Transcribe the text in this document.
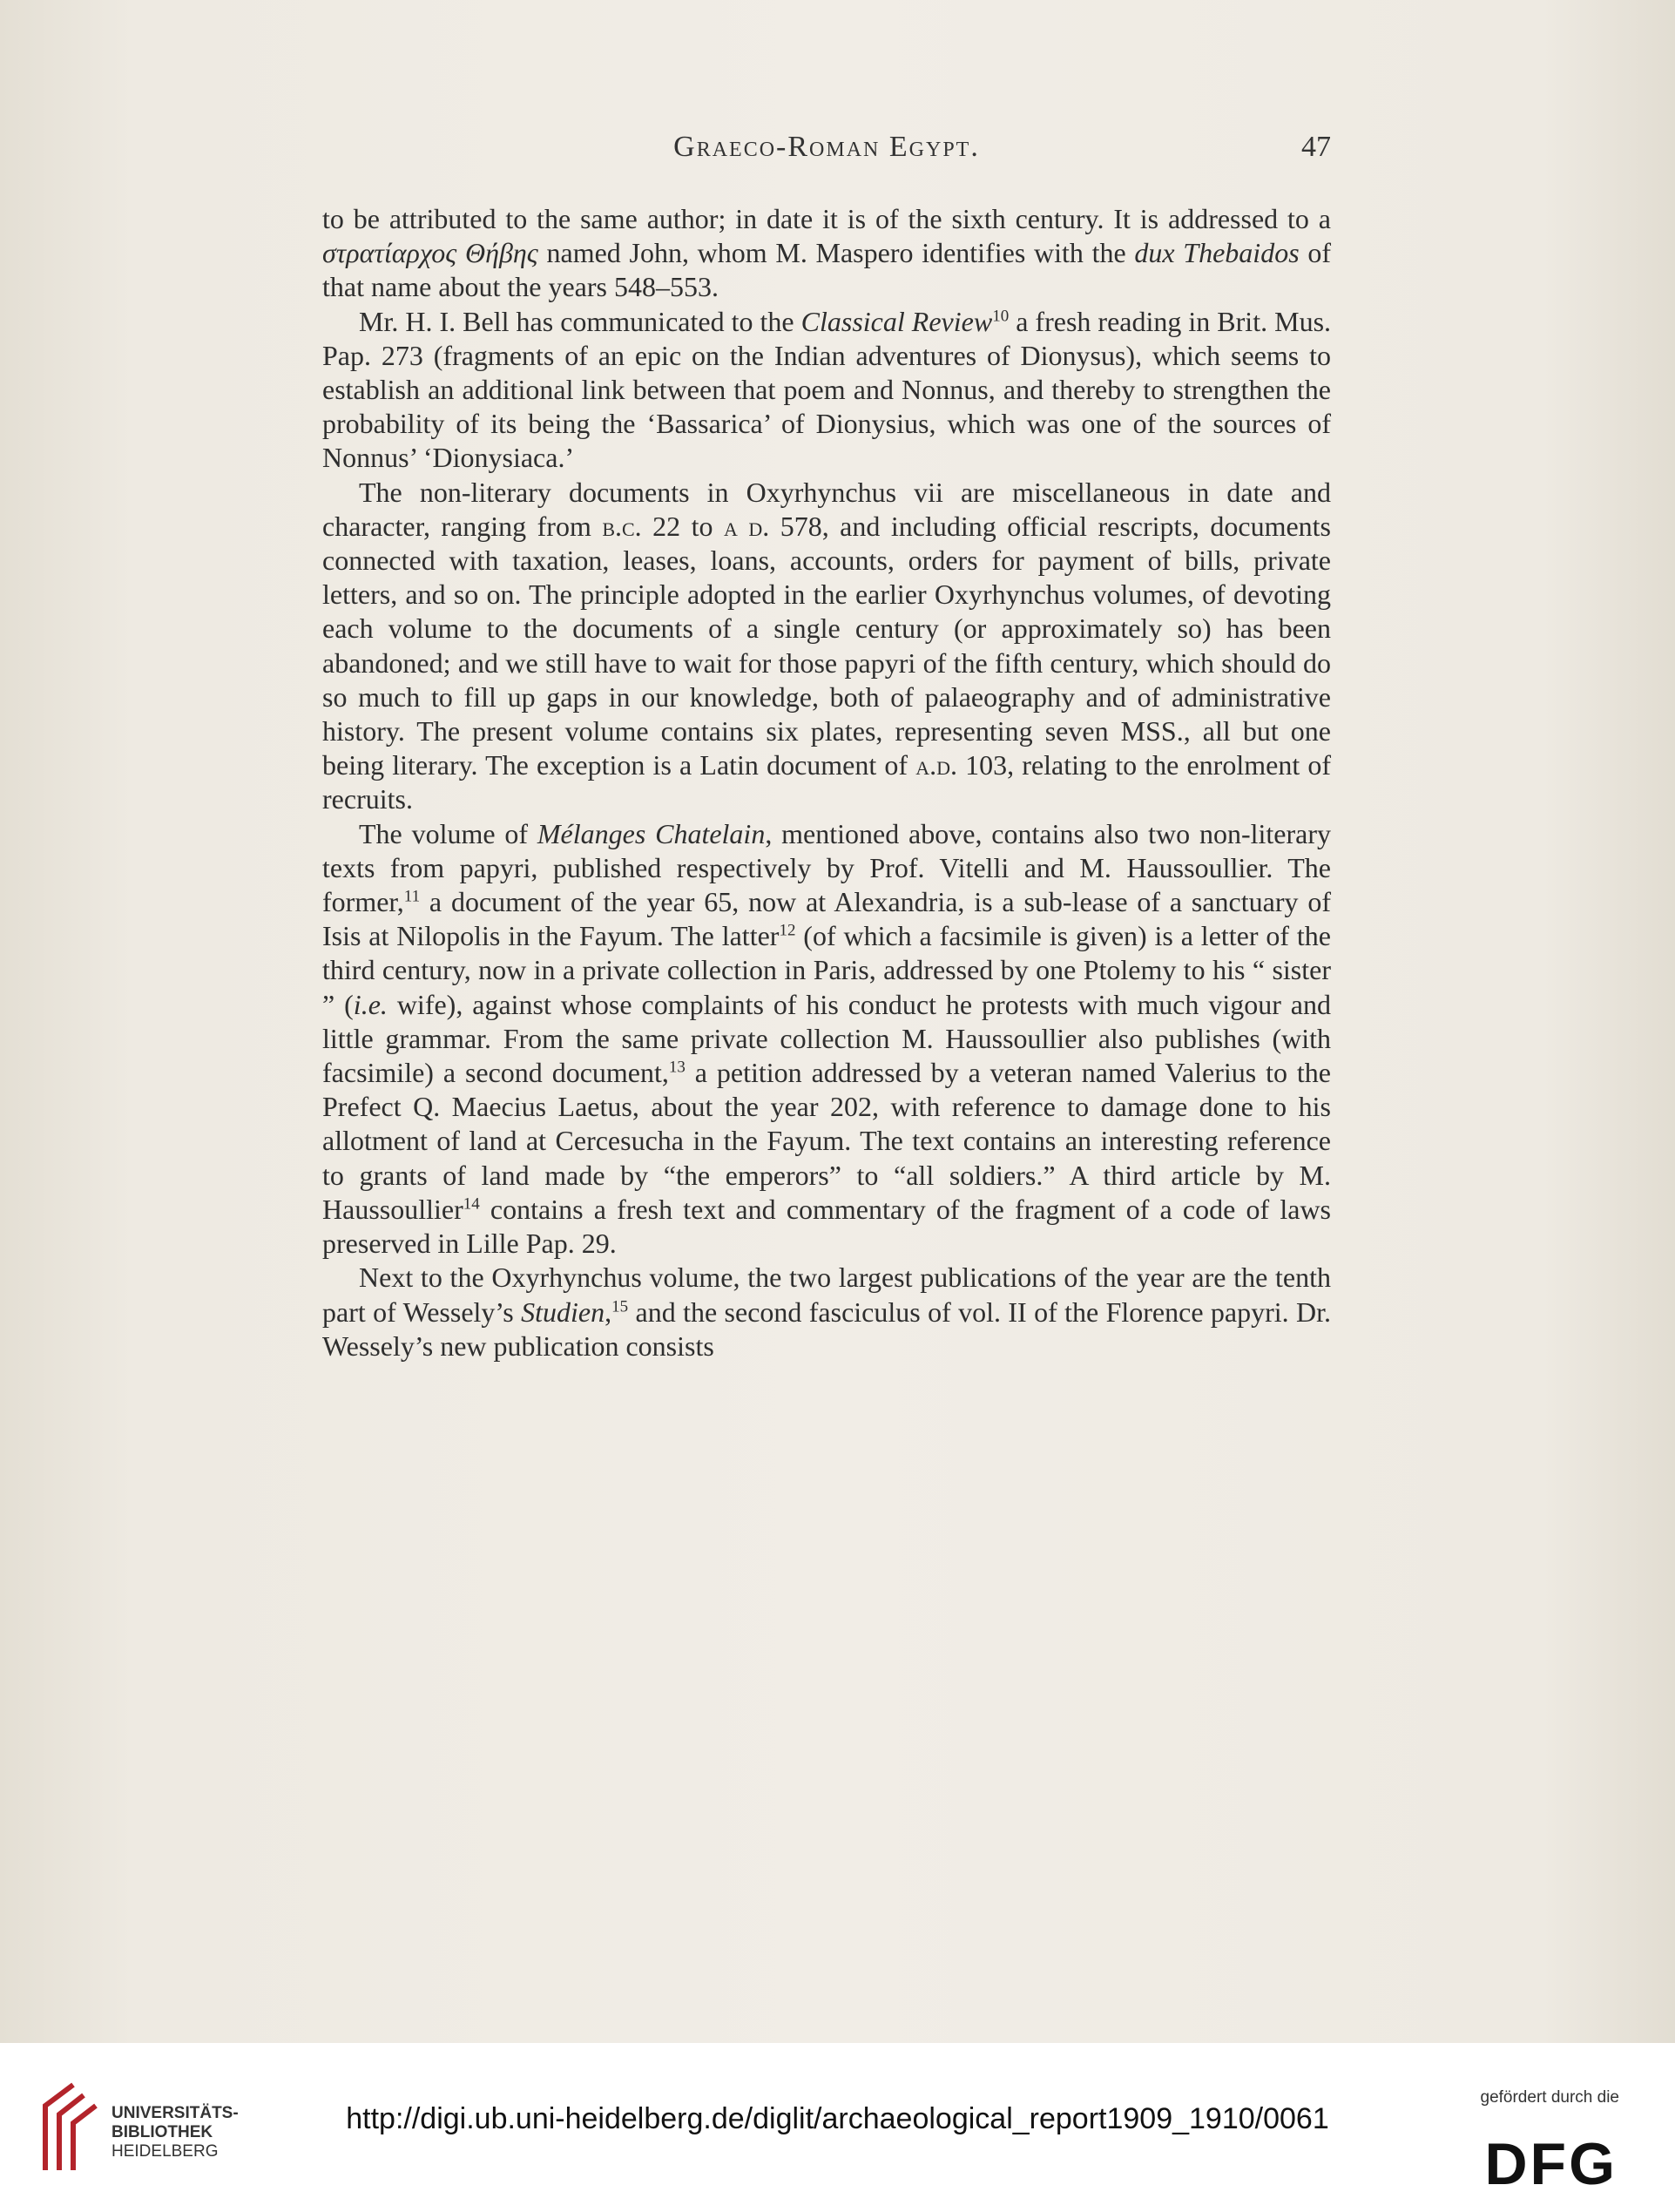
Graeco-Roman Egypt.	47

to be attributed to the same author; in date it is of the sixth century. It is addressed to a στρατίαρχος Θήβης named John, whom M. Maspero identifies with the dux Thebaidos of that name about the years 548–553.

Mr. H. I. Bell has communicated to the Classical Review$^{10}$ a fresh reading in Brit. Mus. Pap. 273 (fragments of an epic on the Indian adventures of Dionysus), which seems to establish an additional link between that poem and Nonnus, and thereby to strengthen the probability of its being the ‘Bassarica’ of Dionysius, which was one of the sources of Nonnus’ ‘Dionysiaca.’

The non-literary documents in Oxyrhynchus vii are miscellaneous in date and character, ranging from b.c. 22 to a d. 578, and including official rescripts, documents connected with taxation, leases, loans, accounts, orders for payment of bills, private letters, and so on. The principle adopted in the earlier Oxyrhynchus volumes, of devoting each volume to the documents of a single century (or approximately so) has been abandoned; and we still have to wait for those papyri of the fifth century, which should do so much to fill up gaps in our knowledge, both of palaeography and of administrative history. The present volume contains six plates, representing seven MSS., all but one being literary. The exception is a Latin document of a.d. 103, relating to the enrolment of recruits.

The volume of Mélanges Chatelain, mentioned above, contains also two non-literary texts from papyri, published respectively by Prof. Vitelli and M. Haussoullier. The former,$^{11}$ a document of the year 65, now at Alexandria, is a sub-lease of a sanctuary of Isis at Nilopolis in the Fayum. The latter$^{12}$ (of which a facsimile is given) is a letter of the third century, now in a private collection in Paris, addressed by one Ptolemy to his “ sister ” (i.e. wife), against whose complaints of his conduct he protests with much vigour and little grammar. From the same private collection M. Haussoullier also publishes (with facsimile) a second document,$^{13}$ a petition addressed by a veteran named Valerius to the Prefect Q. Maecius Laetus, about the year 202, with reference to damage done to his allotment of land at Cercesucha in the Fayum. The text contains an interesting reference to grants of land made by “the emperors” to “all soldiers.” A third article by M. Haussoullier$^{14}$ contains a fresh text and commentary of the fragment of a code of laws preserved in Lille Pap. 29.

Next to the Oxyrhynchus volume, the two largest publications of the year are the tenth part of Wessely’s Studien,$^{15}$ and the second fasciculus of vol. II of the Florence papyri. Dr. Wessely’s new publication consists

UNIVERSITÄTS-
BIBLIOTHEK
HEIDELBERG
http://digi.ub.uni-heidelberg.de/diglit/archaeological_report1909_1910/0061
gefördert durch die
DFG
